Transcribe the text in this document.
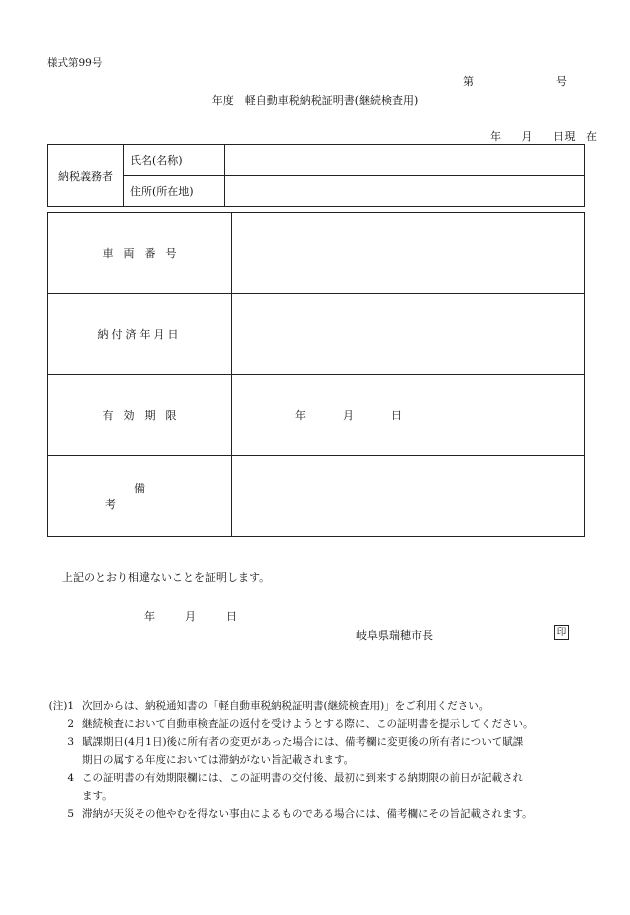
様式第99号
第	号
年度　軽自動車税納税証明書(継続検査用)
年 月 日現 在
納税義務者	氏名(名称)	
	住所(所在地)	
車両番号	
納付済年月日	
有効期限	年 月 日

備考	
上記のとおり相違ないことを証明します。
年	月	日
岐阜県瑞穂市長	印
(注)1 次回からは、納税通知書の「軽自動車税納税証明書(継続検査用)」をご利用ください。
2 継続検査において自動車検査証の返付を受けようとする際に、この証明書を提示してください。
3 賦課期日(4月1日)後に所有者の変更があった場合には、備考欄に変更後の所有者について賦課
期日の属する年度においては滞納がない旨記載されます。
4 この証明書の有効期限欄には、この証明書の交付後、最初に到来する納期限の前日が記載され
ます。
5 滞納が天災その他やむを得ない事由によるものである場合には、備考欄にその旨記載されます。
